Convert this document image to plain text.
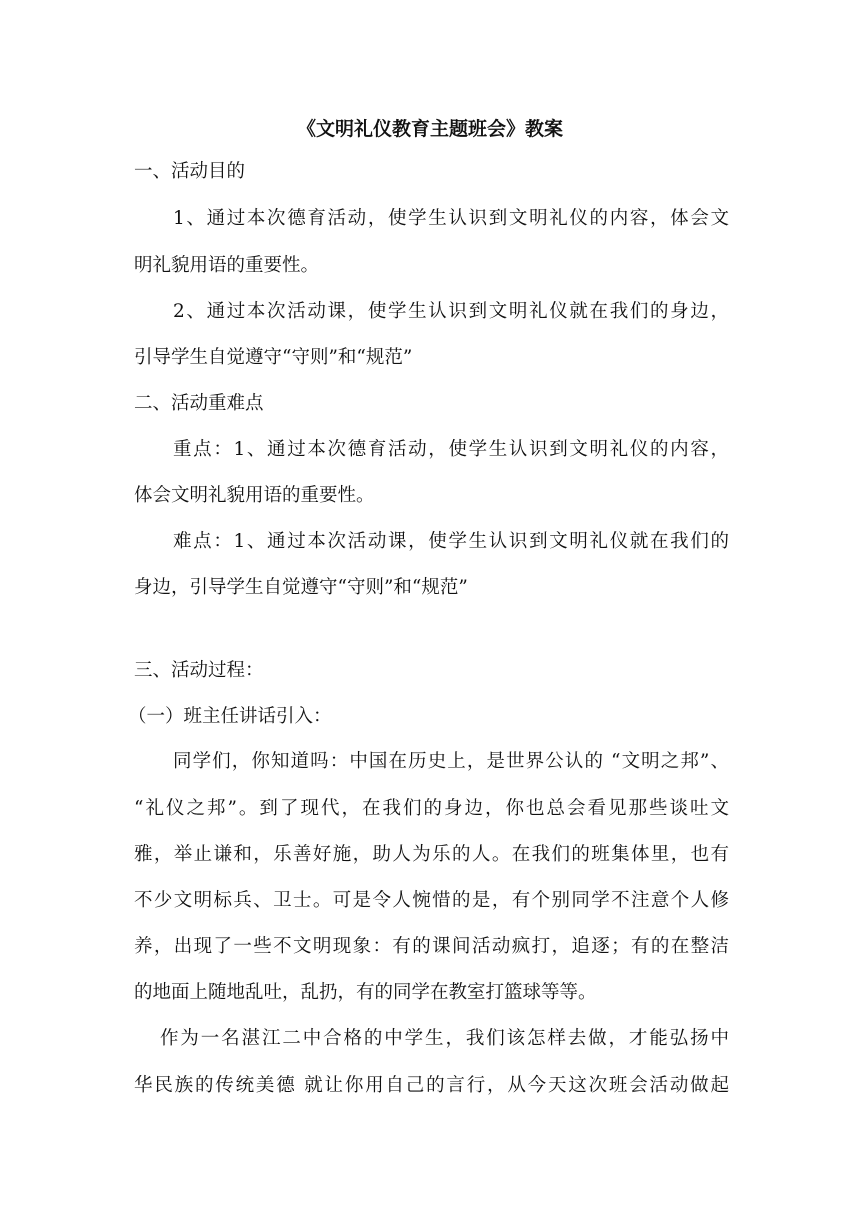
《文明礼仪教育主题班会》教案
一、活动目的
1、通过本次德育活动，使学生认识到文明礼仪的内容，体会文
明礼貌用语的重要性。
2、通过本次活动课，使学生认识到文明礼仪就在我们的身边，
引导学生自觉遵守“守则”和“规范”
二、活动重难点
重点：1、通过本次德育活动，使学生认识到文明礼仪的内容，
体会文明礼貌用语的重要性。
难点：1、通过本次活动课，使学生认识到文明礼仪就在我们的
身边，引导学生自觉遵守“守则”和“规范”
三、活动过程：
（一）班主任讲话引入：
同学们，你知道吗：中国在历史上，是世界公认的 “文明之邦”、
“礼仪之邦”。到了现代，在我们的身边，你也总会看见那些谈吐文
雅，举止谦和，乐善好施，助人为乐的人。在我们的班集体里，也有
不少文明标兵、卫士。可是令人惋惜的是，有个别同学不注意个人修
养，出现了一些不文明现象：有的课间活动疯打，追逐；有的在整洁
的地面上随地乱吐，乱扔，有的同学在教室打篮球等等。
作为一名湛江二中合格的中学生，我们该怎样去做，才能弘扬中
华民族的传统美德 就让你用自己的言行，从今天这次班会活动做起
